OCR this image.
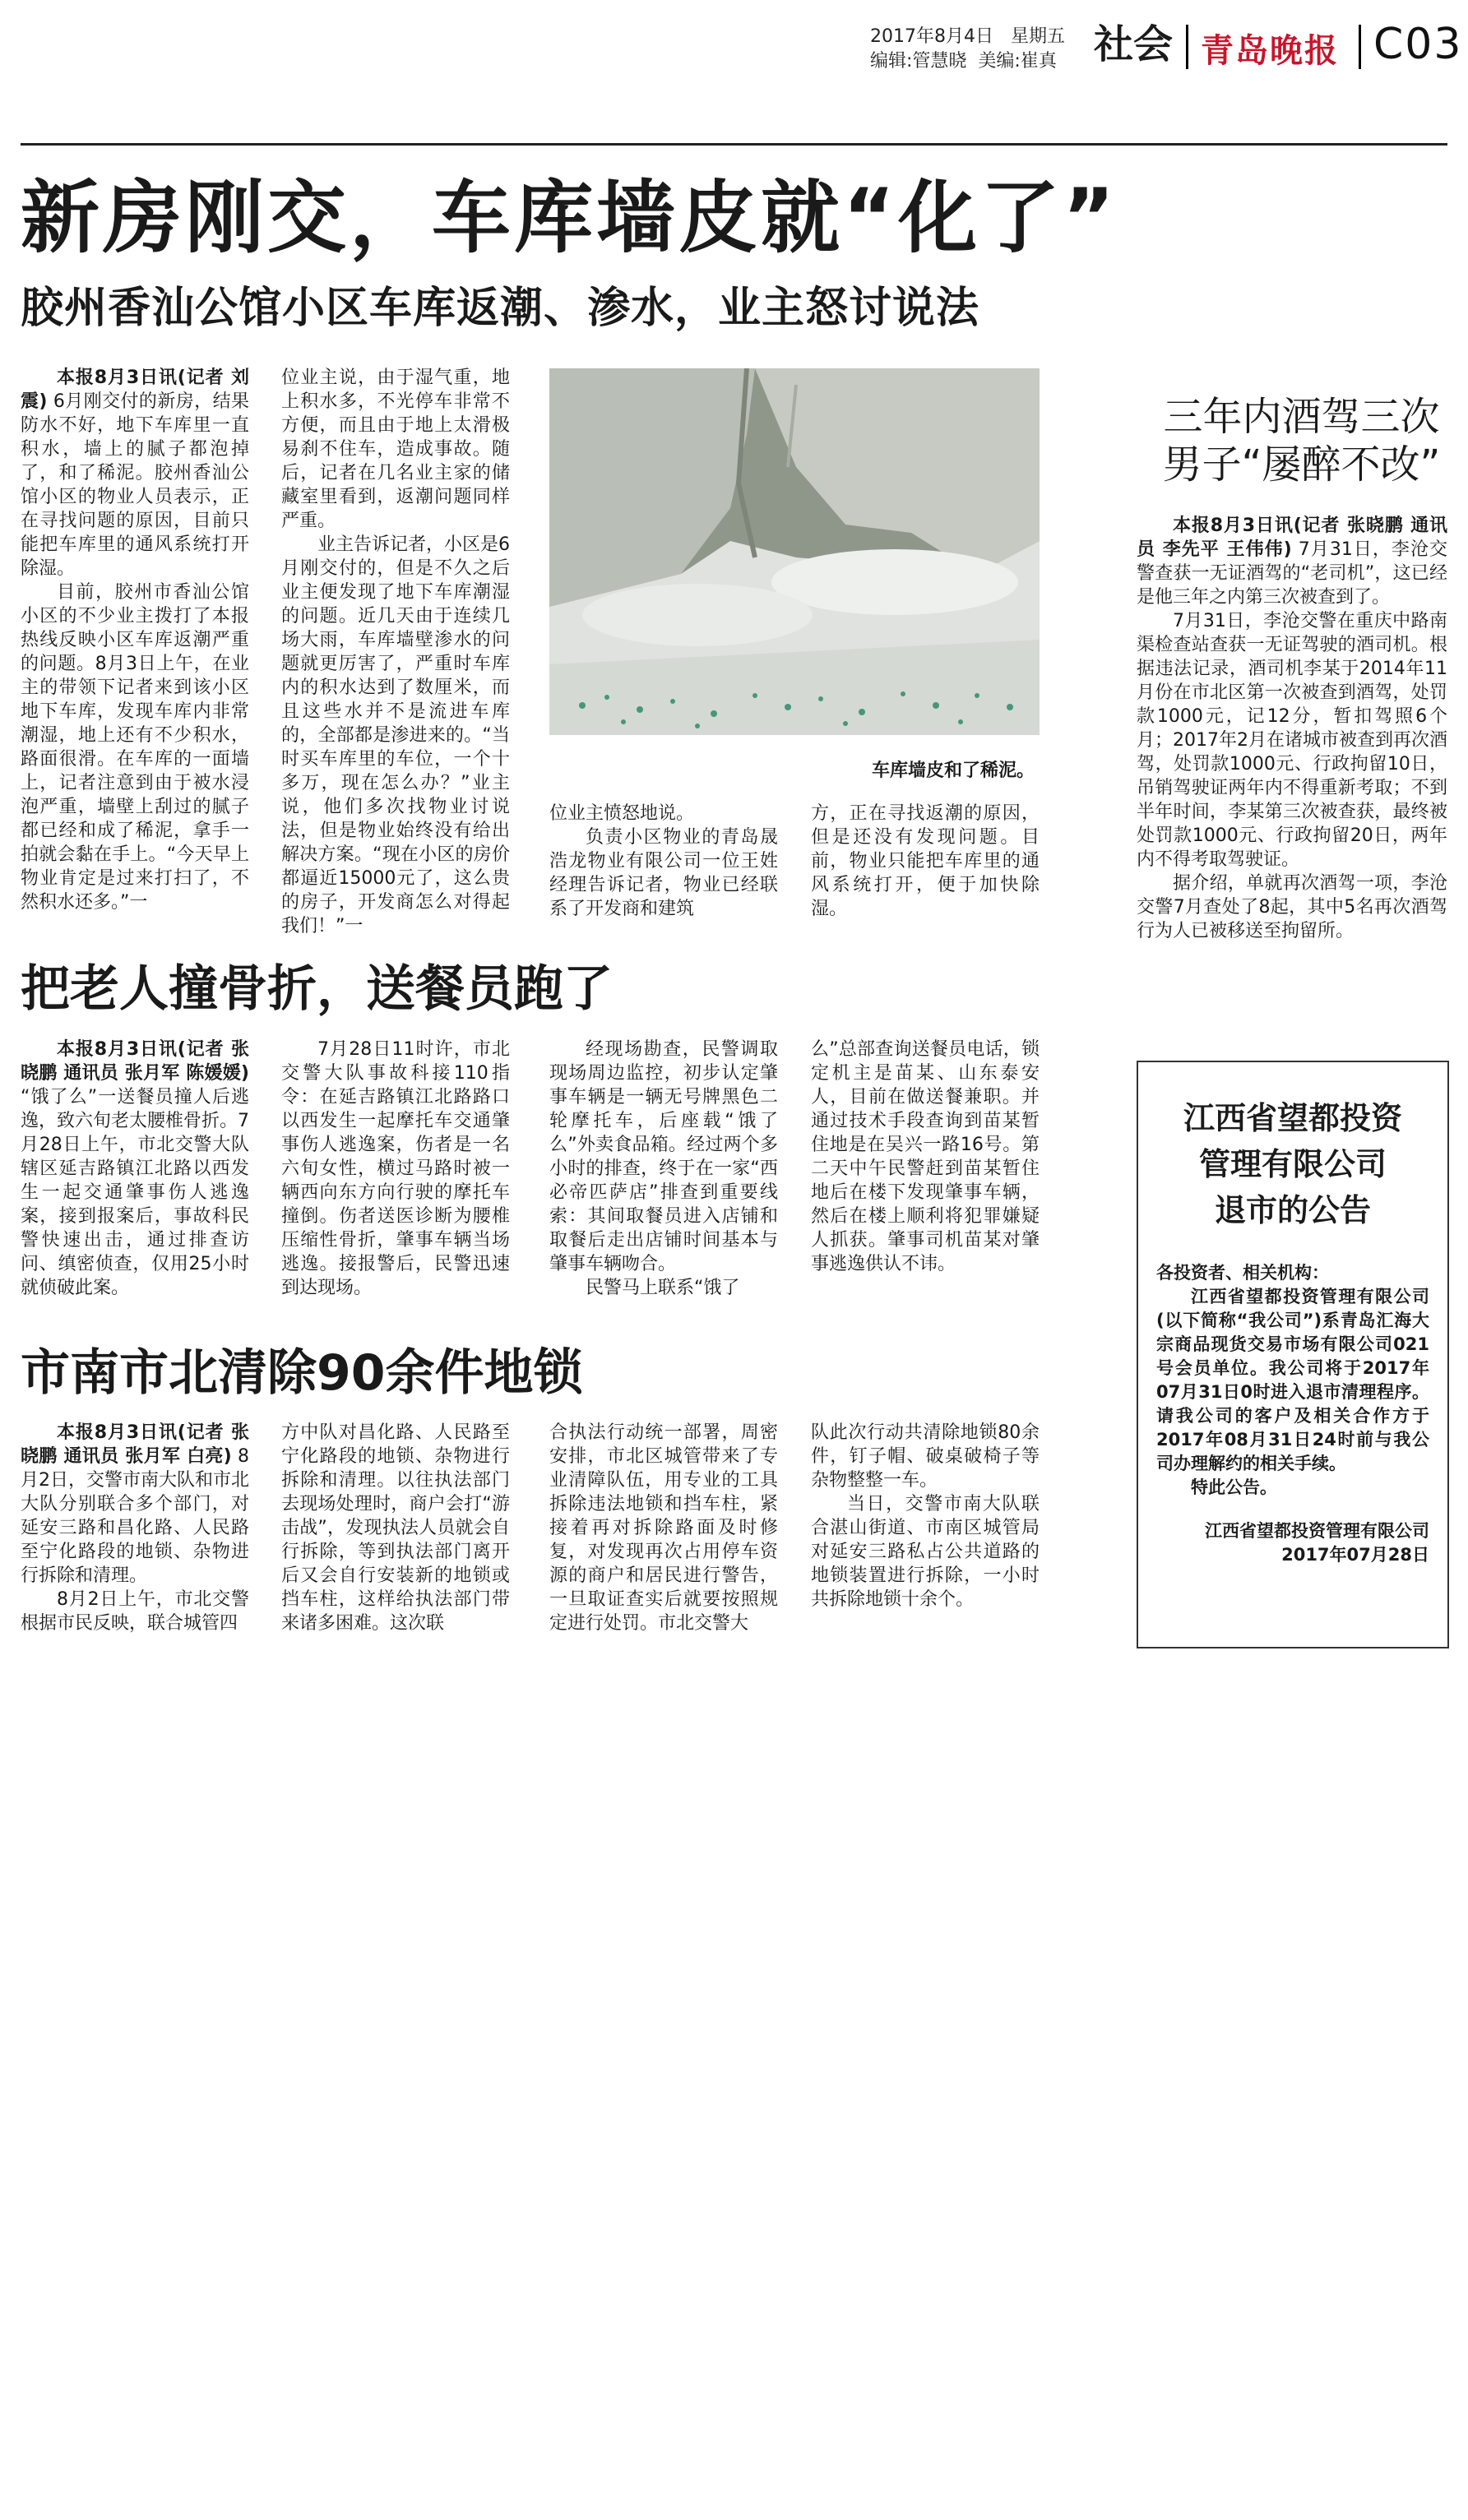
2017年8月4日 星期五
编辑:管慧晓 美编:崔真 社会 青岛晚报 C03
新房刚交，车库墙皮就“化了”
胶州香汕公馆小区车库返潮、渗水，业主怒讨说法

本报8月3日讯(记者 刘震) 6月刚交付的新房，结果防水不好，地下车库里一直积水，墙上的腻子都泡掉了，和了稀泥。胶州香汕公馆小区的物业人员表示，正在寻找问题的原因，目前只能把车库里的通风系统打开除湿。

目前，胶州市香汕公馆小区的不少业主拨打了本报热线反映小区车库返潮严重的问题。8月3日上午，在业主的带领下记者来到该小区地下车库，发现车库内非常潮湿，地上还有不少积水，路面很滑。在车库的一面墙上，记者注意到由于被水浸泡严重，墙壁上刮过的腻子都已经和成了稀泥，拿手一拍就会黏在手上。“今天早上物业肯定是过来打扫了，不然积水还多。”一

位业主说，由于湿气重，地上积水多，不光停车非常不方便，而且由于地上太滑极易刹不住车，造成事故。随后，记者在几名业主家的储藏室里看到，返潮问题同样严重。

业主告诉记者，小区是6月刚交付的，但是不久之后业主便发现了地下车库潮湿的问题。近几天由于连续几场大雨，车库墙壁渗水的问题就更厉害了，严重时车库内的积水达到了数厘米，而且这些水并不是流进车库的，全部都是渗进来的。“当时买车库里的车位，一个十多万，现在怎么办？”业主说，他们多次找物业讨说法，但是物业始终没有给出解决方案。“现在小区的房价都逼近15000元了，这么贵的房子，开发商怎么对得起我们！”一

车库墙皮和了稀泥。

位业主愤怒地说。

负责小区物业的青岛晟浩龙物业有限公司一位王姓经理告诉记者，物业已经联系了开发商和建筑

方，正在寻找返潮的原因，但是还没有发现问题。目前，物业只能把车库里的通风系统打开，便于加快除湿。

三年内酒驾三次
男子“屡醉不改”

本报8月3日讯(记者 张晓鹏 通讯员 李先平 王伟伟) 7月31日，李沧交警查获一无证酒驾的“老司机”，这已经是他三年之内第三次被查到了。

7月31日，李沧交警在重庆中路南渠检查站查获一无证驾驶的酒司机。根据违法记录，酒司机李某于2014年11月份在市北区第一次被查到酒驾，处罚款1000元，记12分，暂扣驾照6个月；2017年2月在诸城市被查到再次酒驾，处罚款1000元、行政拘留10日，吊销驾驶证两年内不得重新考取；不到半年时间，李某第三次被查获，最终被处罚款1000元、行政拘留20日，两年内不得考取驾驶证。

据介绍，单就再次酒驾一项，李沧交警7月查处了8起，其中5名再次酒驾行为人已被移送至拘留所。

把老人撞骨折，送餐员跑了

本报8月3日讯(记者 张晓鹏 通讯员 张月军 陈媛媛) “饿了么”一送餐员撞人后逃逸，致六旬老太腰椎骨折。7月28日上午，市北交警大队辖区延吉路镇江北路以西发生一起交通肇事伤人逃逸案，接到报案后，事故科民警快速出击，通过排查访问、缜密侦查，仅用25小时就侦破此案。

7月28日11时许，市北交警大队事故科接110指令：在延吉路镇江北路路口以西发生一起摩托车交通肇事伤人逃逸案，伤者是一名六旬女性，横过马路时被一辆西向东方向行驶的摩托车撞倒。伤者送医诊断为腰椎压缩性骨折，肇事车辆当场逃逸。接报警后，民警迅速到达现场。

经现场勘查，民警调取现场周边监控，初步认定肇事车辆是一辆无号牌黑色二轮摩托车，后座载“饿了么”外卖食品箱。经过两个多小时的排查，终于在一家“西必帝匹萨店”排查到重要线索：其间取餐员进入店铺和取餐后走出店铺时间基本与肇事车辆吻合。

民警马上联系“饿了

么”总部查询送餐员电话，锁定机主是苗某、山东泰安人，目前在做送餐兼职。并通过技术手段查询到苗某暂住地是在吴兴一路16号。第二天中午民警赶到苗某暂住地后在楼下发现肇事车辆，然后在楼上顺利将犯罪嫌疑人抓获。肇事司机苗某对肇事逃逸供认不讳。

市南市北清除90余件地锁

本报8月3日讯(记者 张晓鹏 通讯员 张月军 白亮) 8月2日，交警市南大队和市北大队分别联合多个部门，对延安三路和昌化路、人民路至宁化路段的地锁、杂物进行拆除和清理。

8月2日上午，市北交警根据市民反映，联合城管四

方中队对昌化路、人民路至宁化路段的地锁、杂物进行拆除和清理。以往执法部门去现场处理时，商户会打“游击战”，发现执法人员就会自行拆除，等到执法部门离开后又会自行安装新的地锁或挡车柱，这样给执法部门带来诸多困难。这次联

合执法行动统一部署，周密安排，市北区城管带来了专业清障队伍，用专业的工具拆除违法地锁和挡车柱，紧接着再对拆除路面及时修复，对发现再次占用停车资源的商户和居民进行警告，一旦取证查实后就要按照规定进行处罚。市北交警大

队此次行动共清除地锁80余件，钉子帽、破桌破椅子等杂物整整一车。

当日，交警市南大队联合湛山街道、市南区城管局对延安三路私占公共道路的地锁装置进行拆除，一小时共拆除地锁十余个。

江西省望都投资
管理有限公司
退市的公告

各投资者、相关机构：

江西省望都投资管理有限公司(以下简称“我公司”)系青岛汇海大宗商品现货交易市场有限公司021号会员单位。我公司将于2017年07月31日0时进入退市清理程序。请我公司的客户及相关合作方于2017年08月31日24时前与我公司办理解约的相关手续。

特此公告。

江西省望都投资管理有限公司

2017年07月28日
